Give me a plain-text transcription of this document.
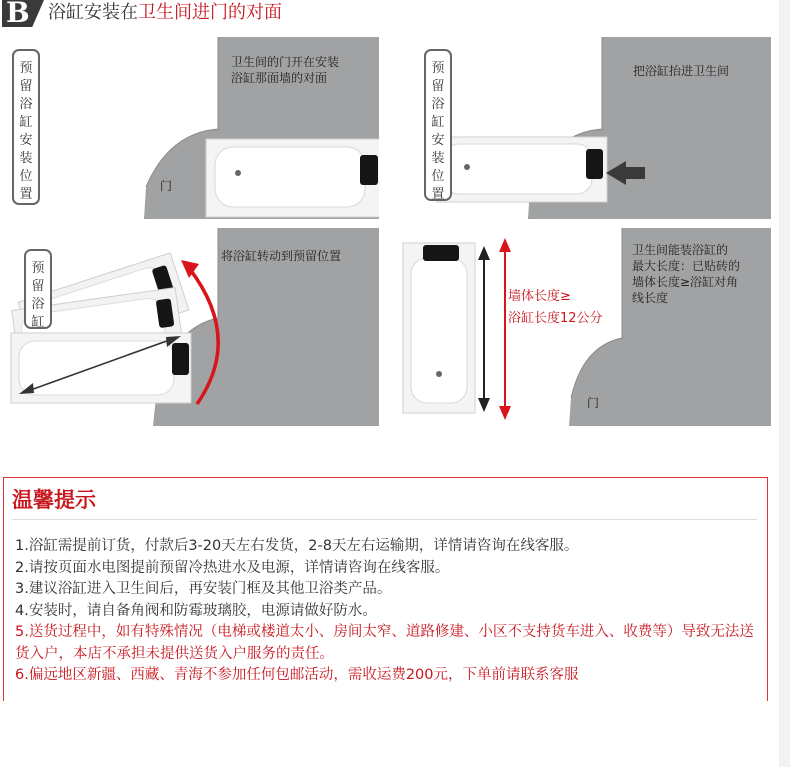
B 浴缸安装在卫生间进门的对面
预
留
浴
缸
安
装
位
置
卫生间的门开在安装
浴缸那面墙的对面
门
预
留
浴
缸
安
装
位
置
把浴缸抬进卫生间
预
留
浴
缸
将浴缸转动到预留位置
墙体长度≥
浴缸长度12公分
卫生间能装浴缸的
最大长度：已贴砖的
墙体长度≥浴缸对角
线长度
门
温馨提示
1.浴缸需提前订货，付款后3-20天左右发货，2-8天左右运输期，详情请咨询在线客服。
2.请按页面水电图提前预留冷热进水及电源，详情请咨询在线客服。
3.建议浴缸进入卫生间后，再安装门框及其他卫浴类产品。
4.安装时，请自备角阀和防霉玻璃胶，电源请做好防水。
5.送货过程中，如有特殊情况（电梯或楼道太小、房间太窄、道路修建、小区不支持货车进入、收费等）导致无法送货入户，本店不承担未提供送货入户服务的责任。
6.偏远地区新疆、西藏、青海不参加任何包邮活动，需收运费200元，下单前请联系客服
